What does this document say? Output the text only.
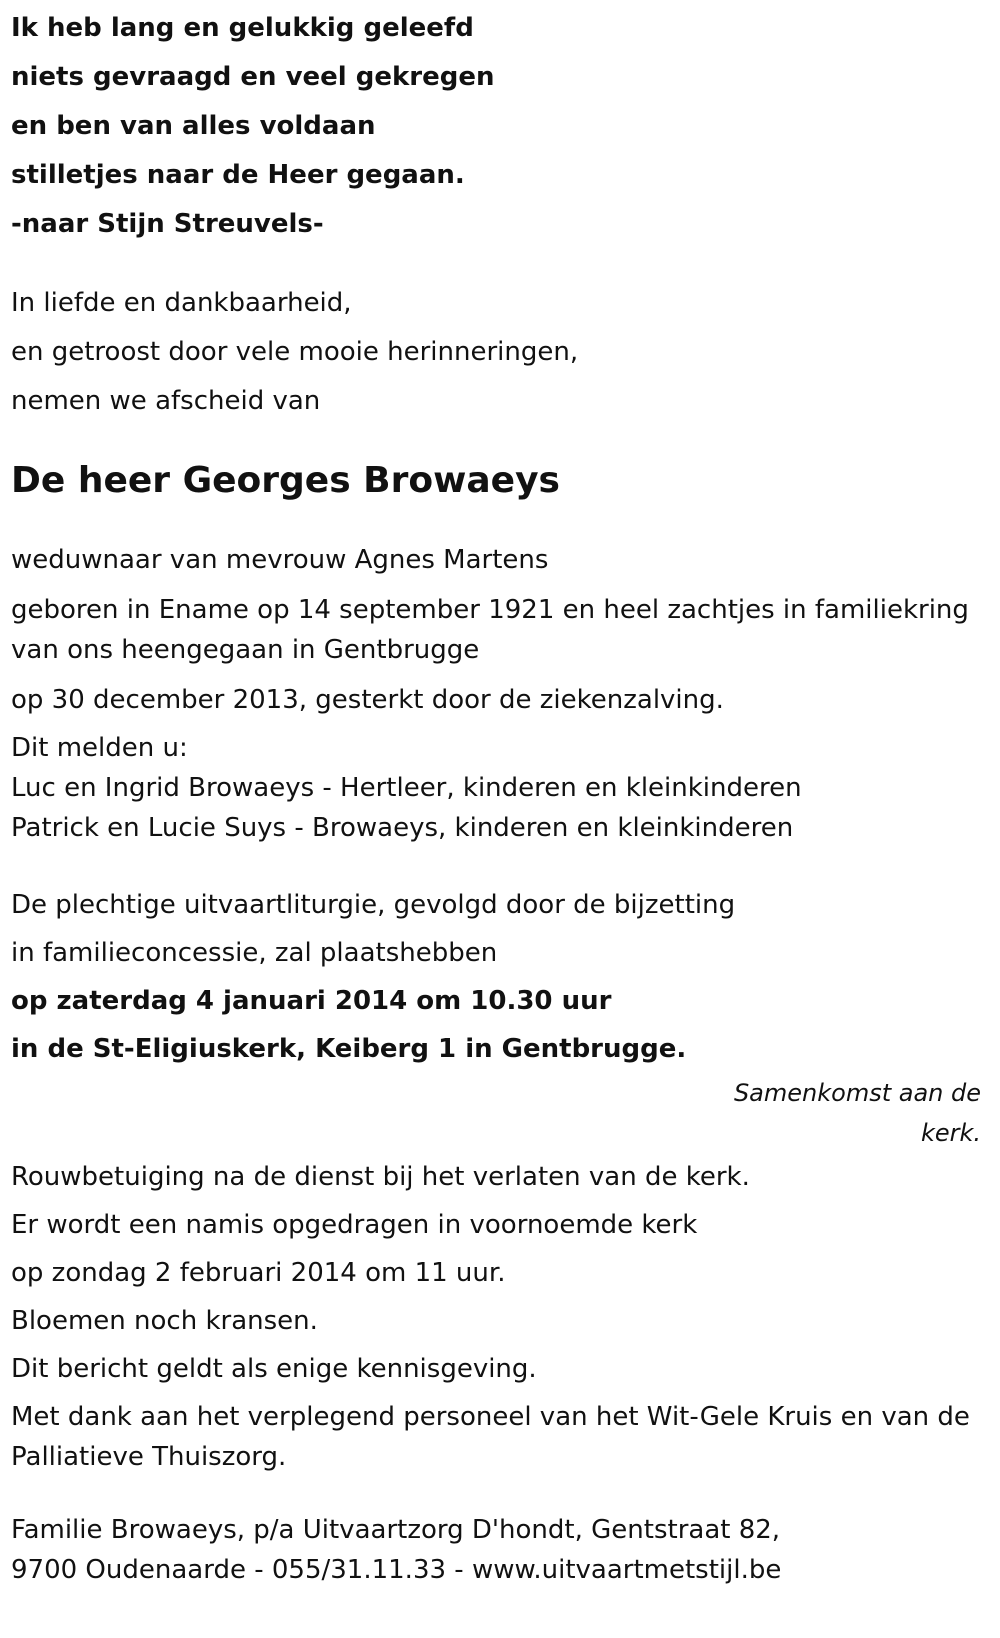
Ik heb lang en gelukkig geleefd

niets gevraagd en veel gekregen

en ben van alles voldaan

stilletjes naar de Heer gegaan.

-naar Stijn Streuvels-

In liefde en dankbaarheid,

en getroost door vele mooie herinneringen,

nemen we afscheid van

De heer Georges Browaeys

weduwnaar van mevrouw Agnes Martens

geboren in Ename op 14 september 1921 en heel zachtjes in familiekring van ons heengegaan in Gentbrugge

op 30 december 2013, gesterkt door de ziekenzalving.

Dit melden u:

Luc en Ingrid Browaeys - Hertleer, kinderen en kleinkinderen

Patrick en Lucie Suys - Browaeys, kinderen en kleinkinderen

De plechtige uitvaartliturgie, gevolgd door de bijzetting

in familieconcessie, zal plaatshebben

op zaterdag 4 januari 2014 om 10.30 uur

in de St-Eligiuskerk, Keiberg 1 in Gentbrugge.

Samenkomst aan de kerk.

Rouwbetuiging na de dienst bij het verlaten van de kerk.

Er wordt een namis opgedragen in voornoemde kerk

op zondag 2 februari 2014 om 11 uur.

Bloemen noch kransen.

Dit bericht geldt als enige kennisgeving.

Met dank aan het verplegend personeel van het Wit-Gele Kruis en van de Palliatieve Thuiszorg.

Familie Browaeys, p/a Uitvaartzorg D'hondt, Gentstraat 82,

9700 Oudenaarde - 055/31.11.33 - www.uitvaartmetstijl.be
